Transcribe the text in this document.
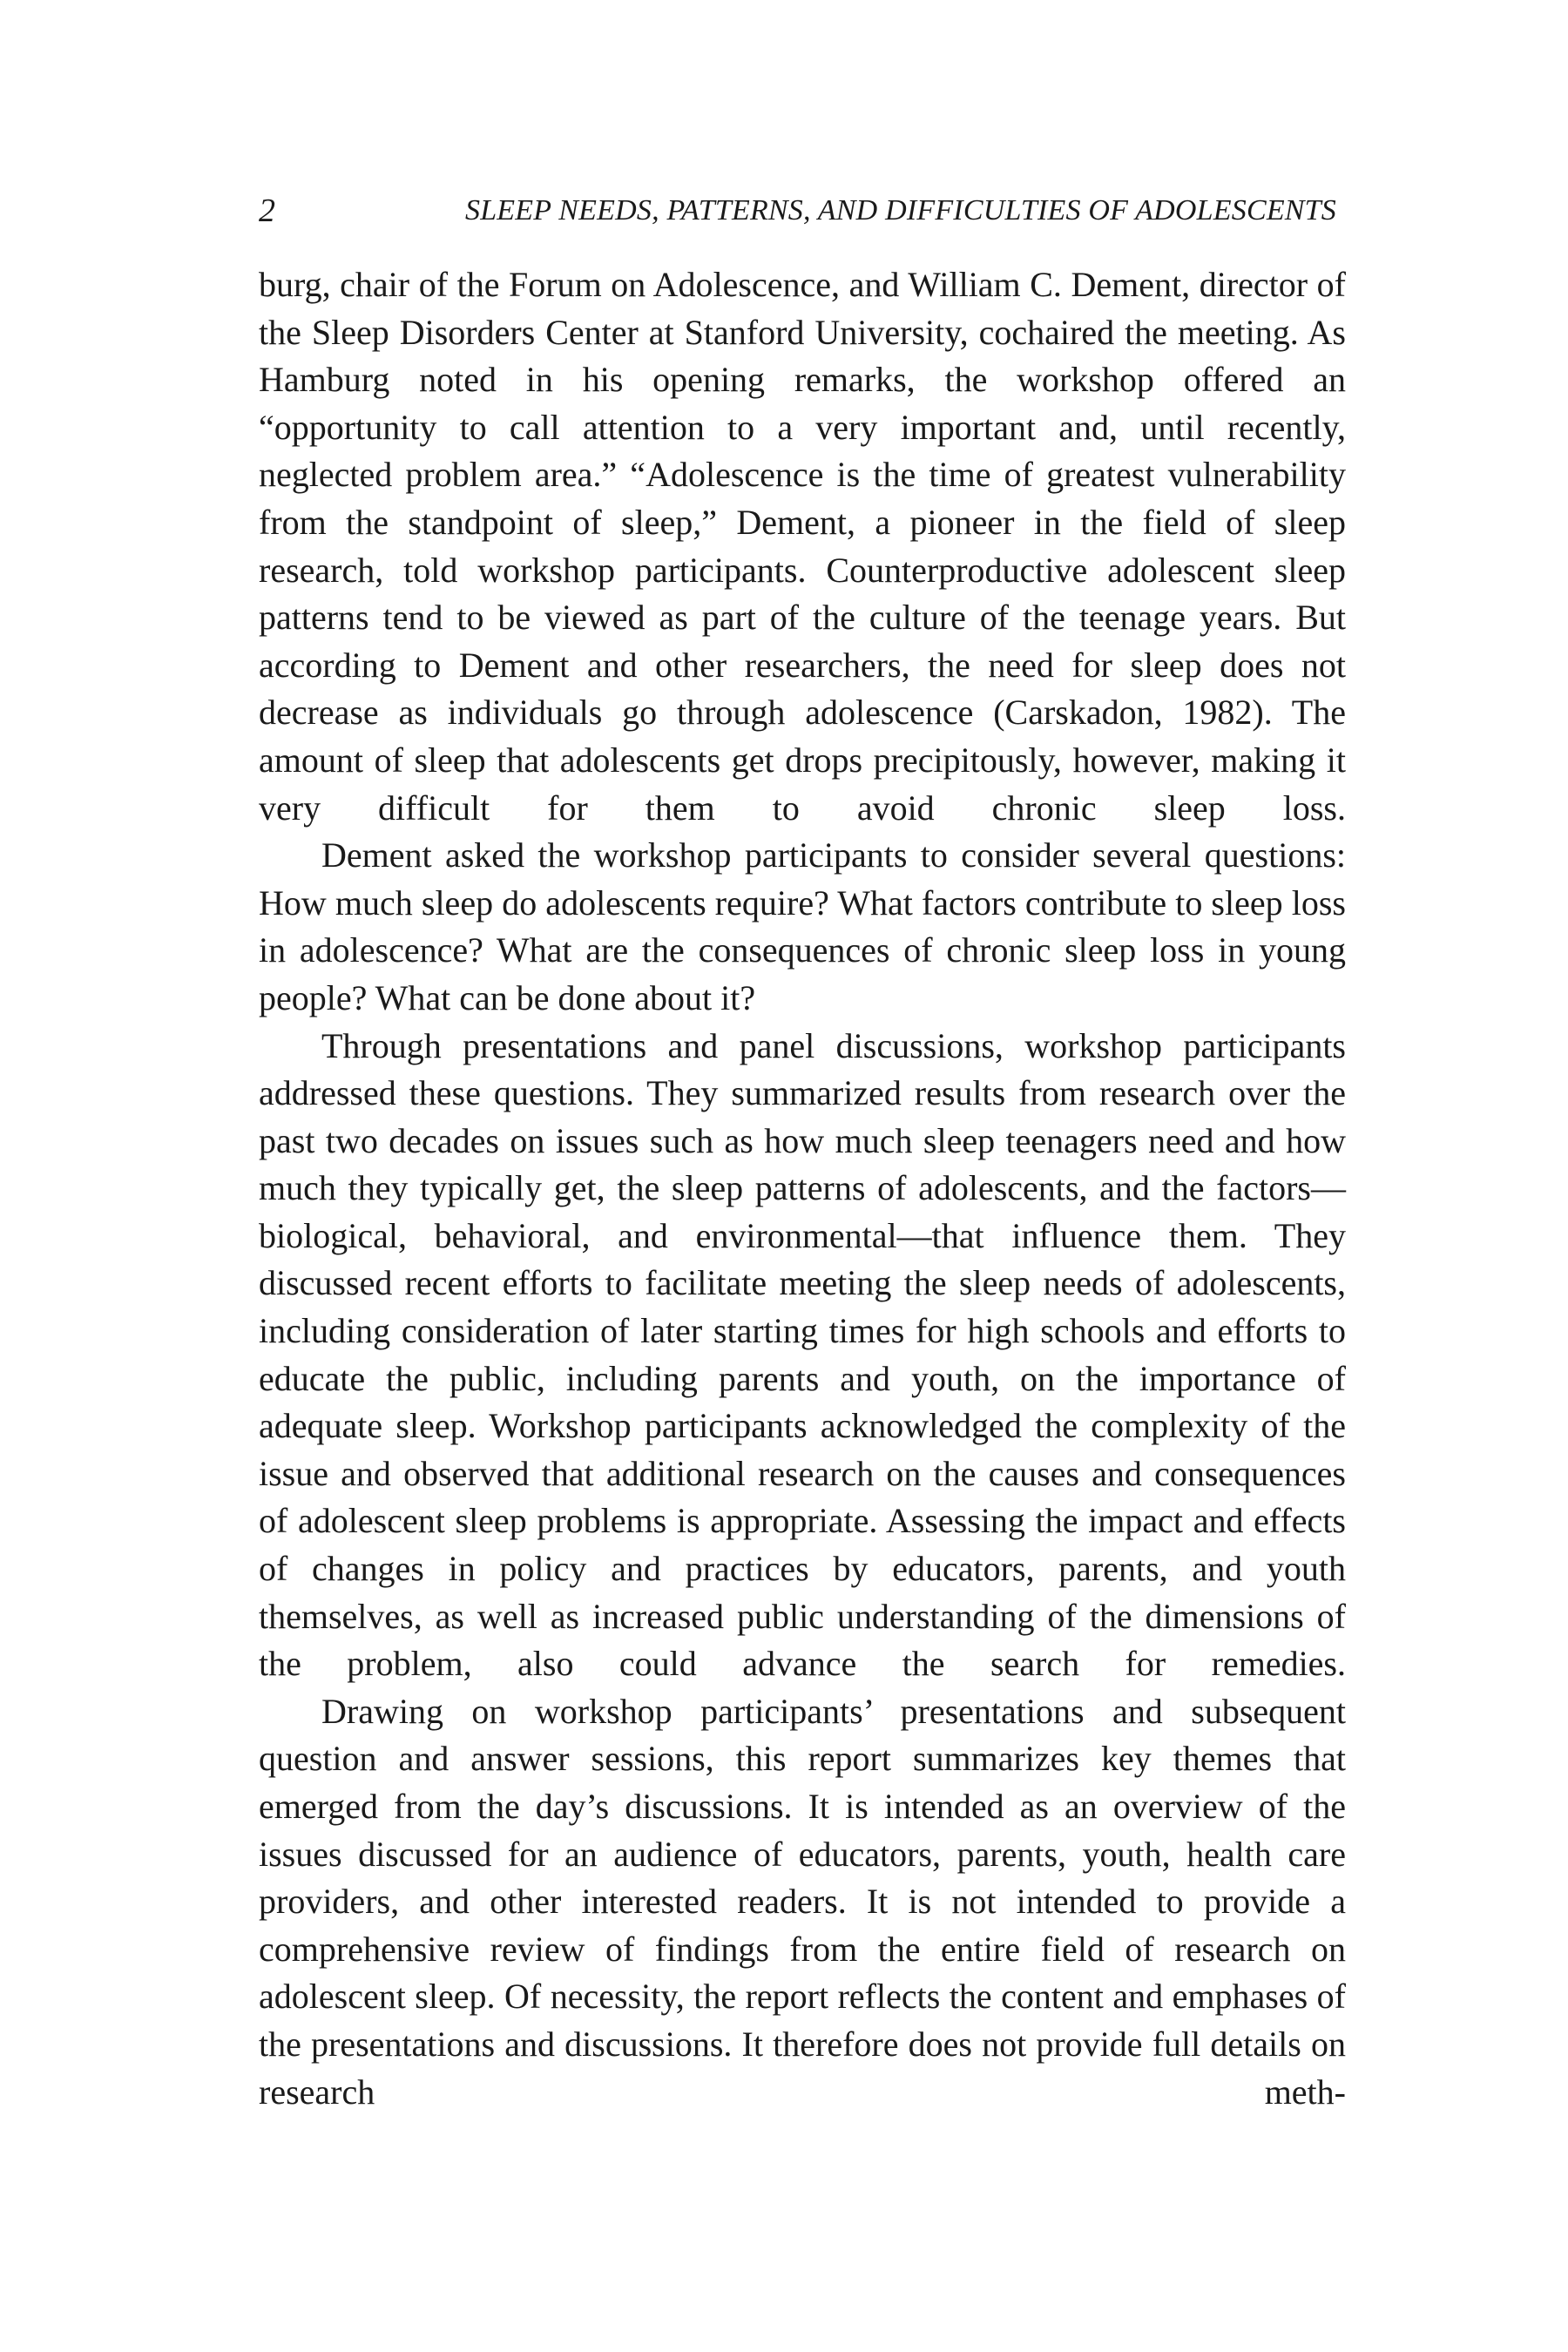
2	SLEEP NEEDS, PATTERNS, AND DIFFICULTIES OF ADOLESCENTS

burg, chair of the Forum on Adolescence, and William C. Dement, director of the Sleep Disorders Center at Stanford University, cochaired the meeting. As Hamburg noted in his opening remarks, the workshop offered an “opportunity to call attention to a very important and, until recently, neglected problem area.” “Adolescence is the time of greatest vulnerability from the standpoint of sleep,” Dement, a pioneer in the field of sleep research, told workshop participants. Counterproductive adolescent sleep patterns tend to be viewed as part of the culture of the teenage years. But according to Dement and other researchers, the need for sleep does not decrease as individuals go through adolescence (Carskadon, 1982). The amount of sleep that adolescents get drops precipitously, however, making it very difficult for them to avoid chronic sleep loss.

Dement asked the workshop participants to consider several questions: How much sleep do adolescents require? What factors contribute to sleep loss in adolescence? What are the consequences of chronic sleep loss in young people? What can be done about it?

Through presentations and panel discussions, workshop participants addressed these questions. They summarized results from research over the past two decades on issues such as how much sleep teenagers need and how much they typically get, the sleep patterns of adolescents, and the factors—biological, behavioral, and environmental—that influence them. They discussed recent efforts to facilitate meeting the sleep needs of adolescents, including consideration of later starting times for high schools and efforts to educate the public, including parents and youth, on the importance of adequate sleep. Workshop participants acknowledged the complexity of the issue and observed that additional research on the causes and consequences of adolescent sleep problems is appropriate. Assessing the impact and effects of changes in policy and practices by educators, parents, and youth themselves, as well as increased public understanding of the dimensions of the problem, also could advance the search for remedies.

Drawing on workshop participants’ presentations and subsequent question and answer sessions, this report summarizes key themes that emerged from the day’s discussions. It is intended as an overview of the issues discussed for an audience of educators, parents, youth, health care providers, and other interested readers. It is not intended to provide a comprehensive review of findings from the entire field of research on adolescent sleep. Of necessity, the report reflects the content and emphases of the presentations and discussions. It therefore does not provide full details on research meth-
